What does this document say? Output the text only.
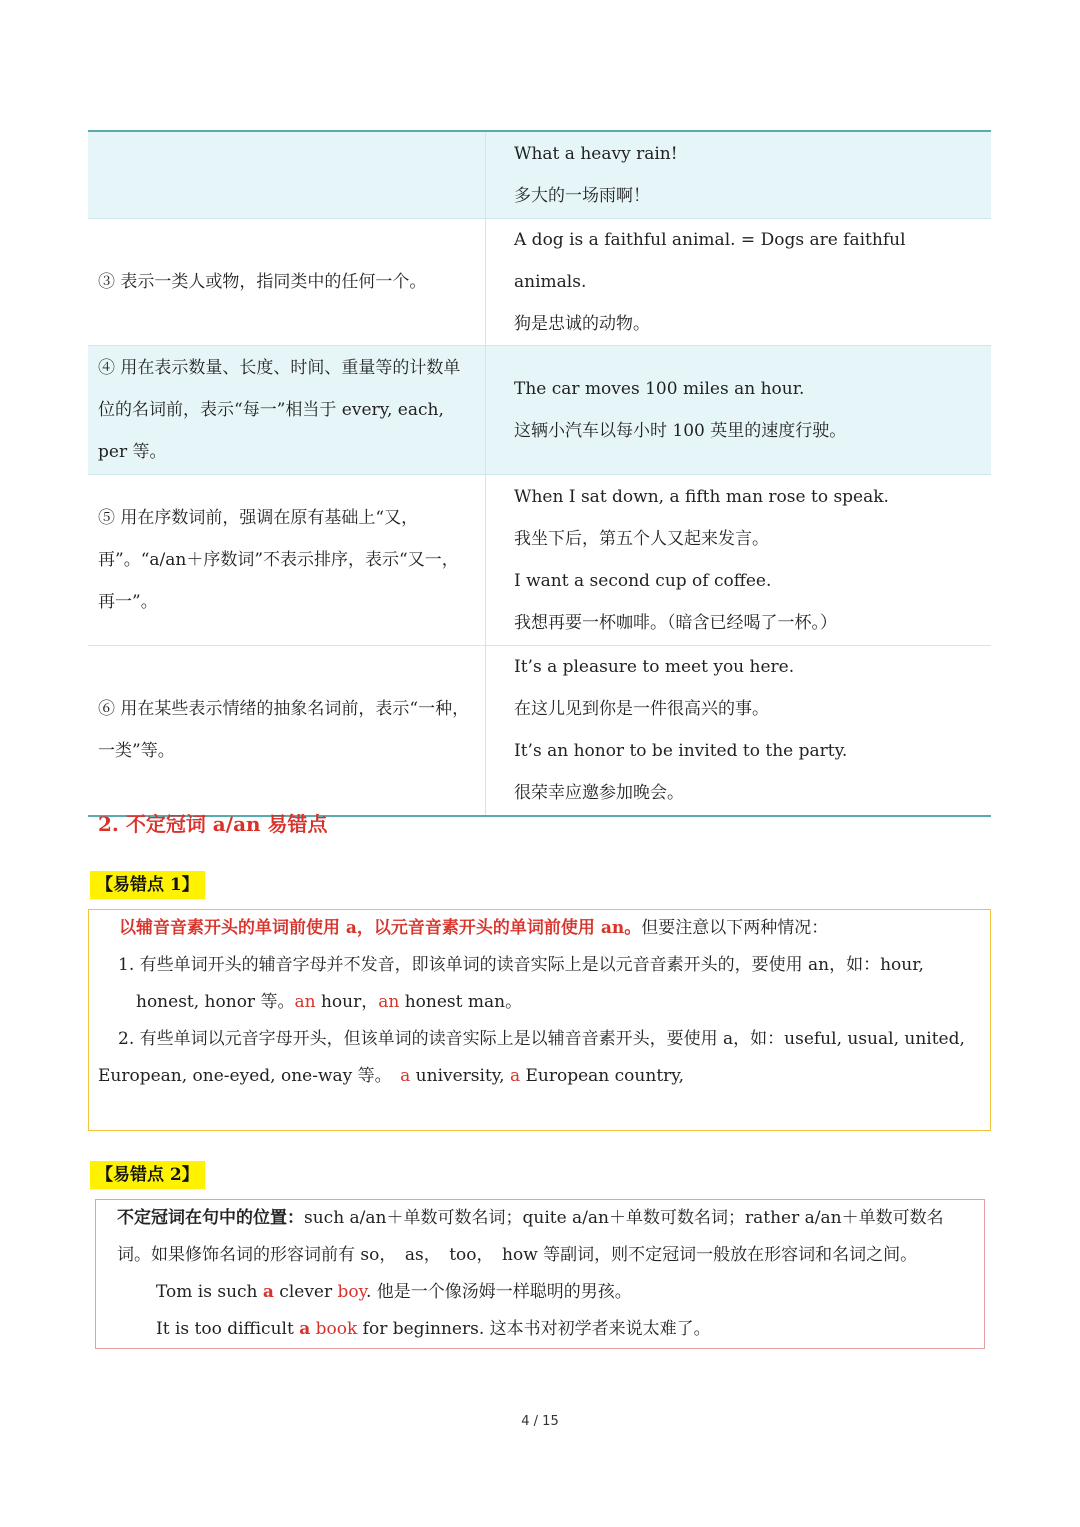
	What a heavy rain!
多大的一场雨啊！

③ 表示一类人或物，指同类中的任何一个。	A dog is a faithful animal. = Dogs are faithful animals.
狗是忠诚的动物。

④ 用在表示数量、长度、时间、重量等的计数单位的名词前，表示“每一”相当于 every, each, per 等。	The car moves 100 miles an hour.
这辆小汽车以每小时 100 英里的速度行驶。

⑤ 用在序数词前，强调在原有基础上“又，再”。“a/an＋序数词”不表示排序，表示“又一，再一”。	When I sat down, a fifth man rose to speak.
我坐下后，第五个人又起来发言。
I want a second cup of coffee.
我想再要一杯咖啡。（暗含已经喝了一杯。）

⑥ 用在某些表示情绪的抽象名词前，表示“一种，一类”等。	It’s a pleasure to meet you here.
在这儿见到你是一件很高兴的事。
It’s an honor to be invited to the party.
很荣幸应邀参加晚会。
2. 不定冠词 a/an 易错点
【易错点 1】

以辅音音素开头的单词前使用 a，以元音音素开头的单词前使用 an。但要注意以下两种情况：

1. 有些单词开头的辅音字母并不发音，即该单词的读音实际上是以元音音素开头的，要使用 an，如：hour,

honest, honor 等。an hour，an honest man。

2. 有些单词以元音字母开头，但该单词的读音实际上是以辅音音素开头，要使用 a，如：useful, usual, united,　European, one-eyed, one-way 等。　 a university, a European country,

【易错点 2】

不定冠词在句中的位置：such a/an＋单数可数名词；quite a/an＋单数可数名词；rather a/an＋单数可数名词。如果修饰名词的形容词前有 so，　as，　too，　how 等副词，则不定冠词一般放在形容词和名词之间。

Tom is such a clever boy. 他是一个像汤姆一样聪明的男孩。

It is too difficult a book for beginners. 这本书对初学者来说太难了。

4 / 15
